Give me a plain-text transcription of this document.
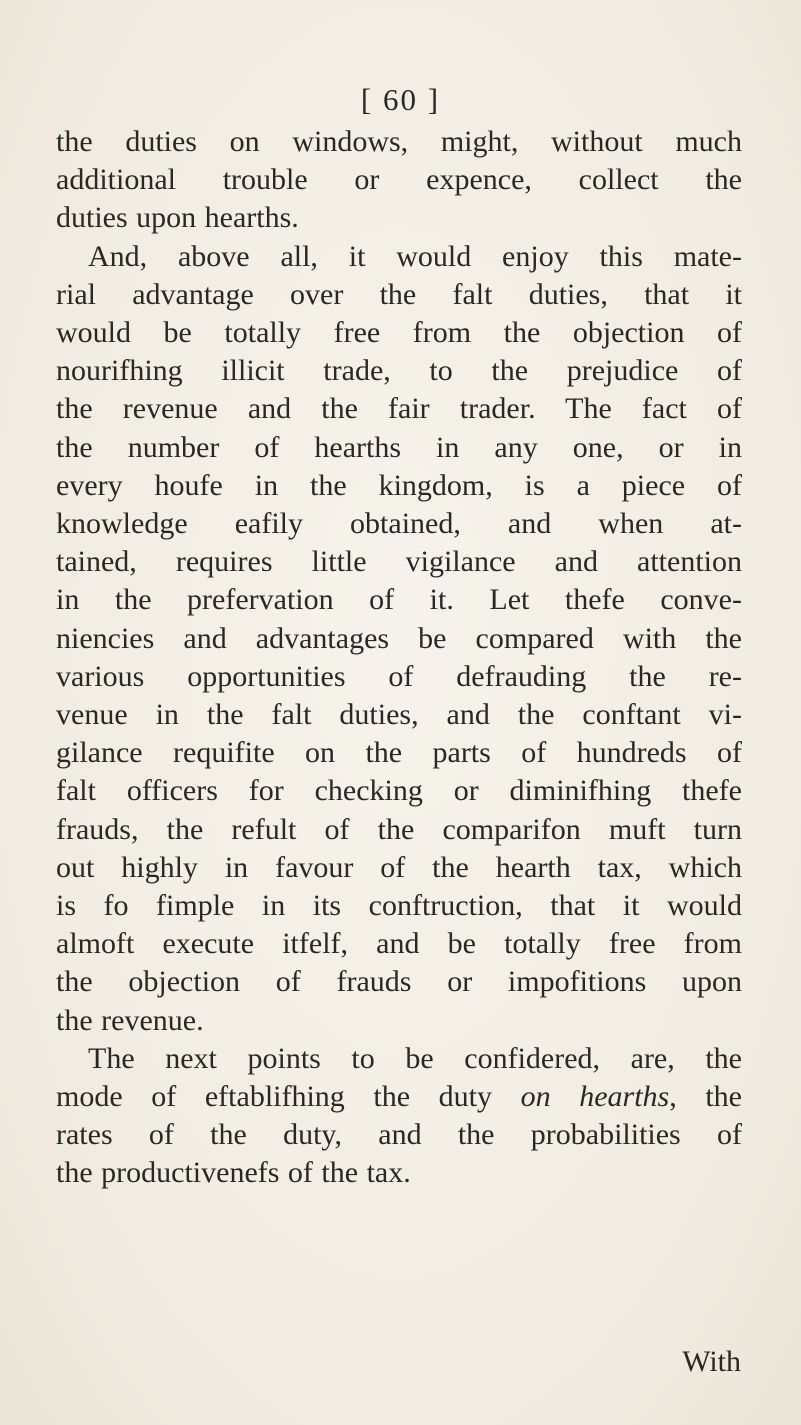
[ 60 ]
the duties on windows, might, without much
additional trouble or expence, collect the
duties upon hearths.
And, above all, it would enjoy this mate-
rial advantage over the falt duties, that it
would be totally free from the objection of
nourifhing illicit trade, to the prejudice of
the revenue and the fair trader. The fact of
the number of hearths in any one, or in
every houfe in the kingdom, is a piece of
knowledge eafily obtained, and when at-
tained, requires little vigilance and attention
in the prefervation of it. Let thefe conve-
niencies and advantages be compared with the
various opportunities of defrauding the re-
venue in the falt duties, and the conftant vi-
gilance requifite on the parts of hundreds of
falt officers for checking or diminifhing thefe
frauds, the refult of the comparifon muft turn
out highly in favour of the hearth tax, which
is fo fimple in its conftruction, that it would
almoft execute itfelf, and be totally free from
the objection of frauds or impofitions upon
the revenue.
The next points to be confidered, are, the
mode of eftablifhing the duty on hearths, the
rates of the duty, and the probabilities of
the productivenefs of the tax.
With
